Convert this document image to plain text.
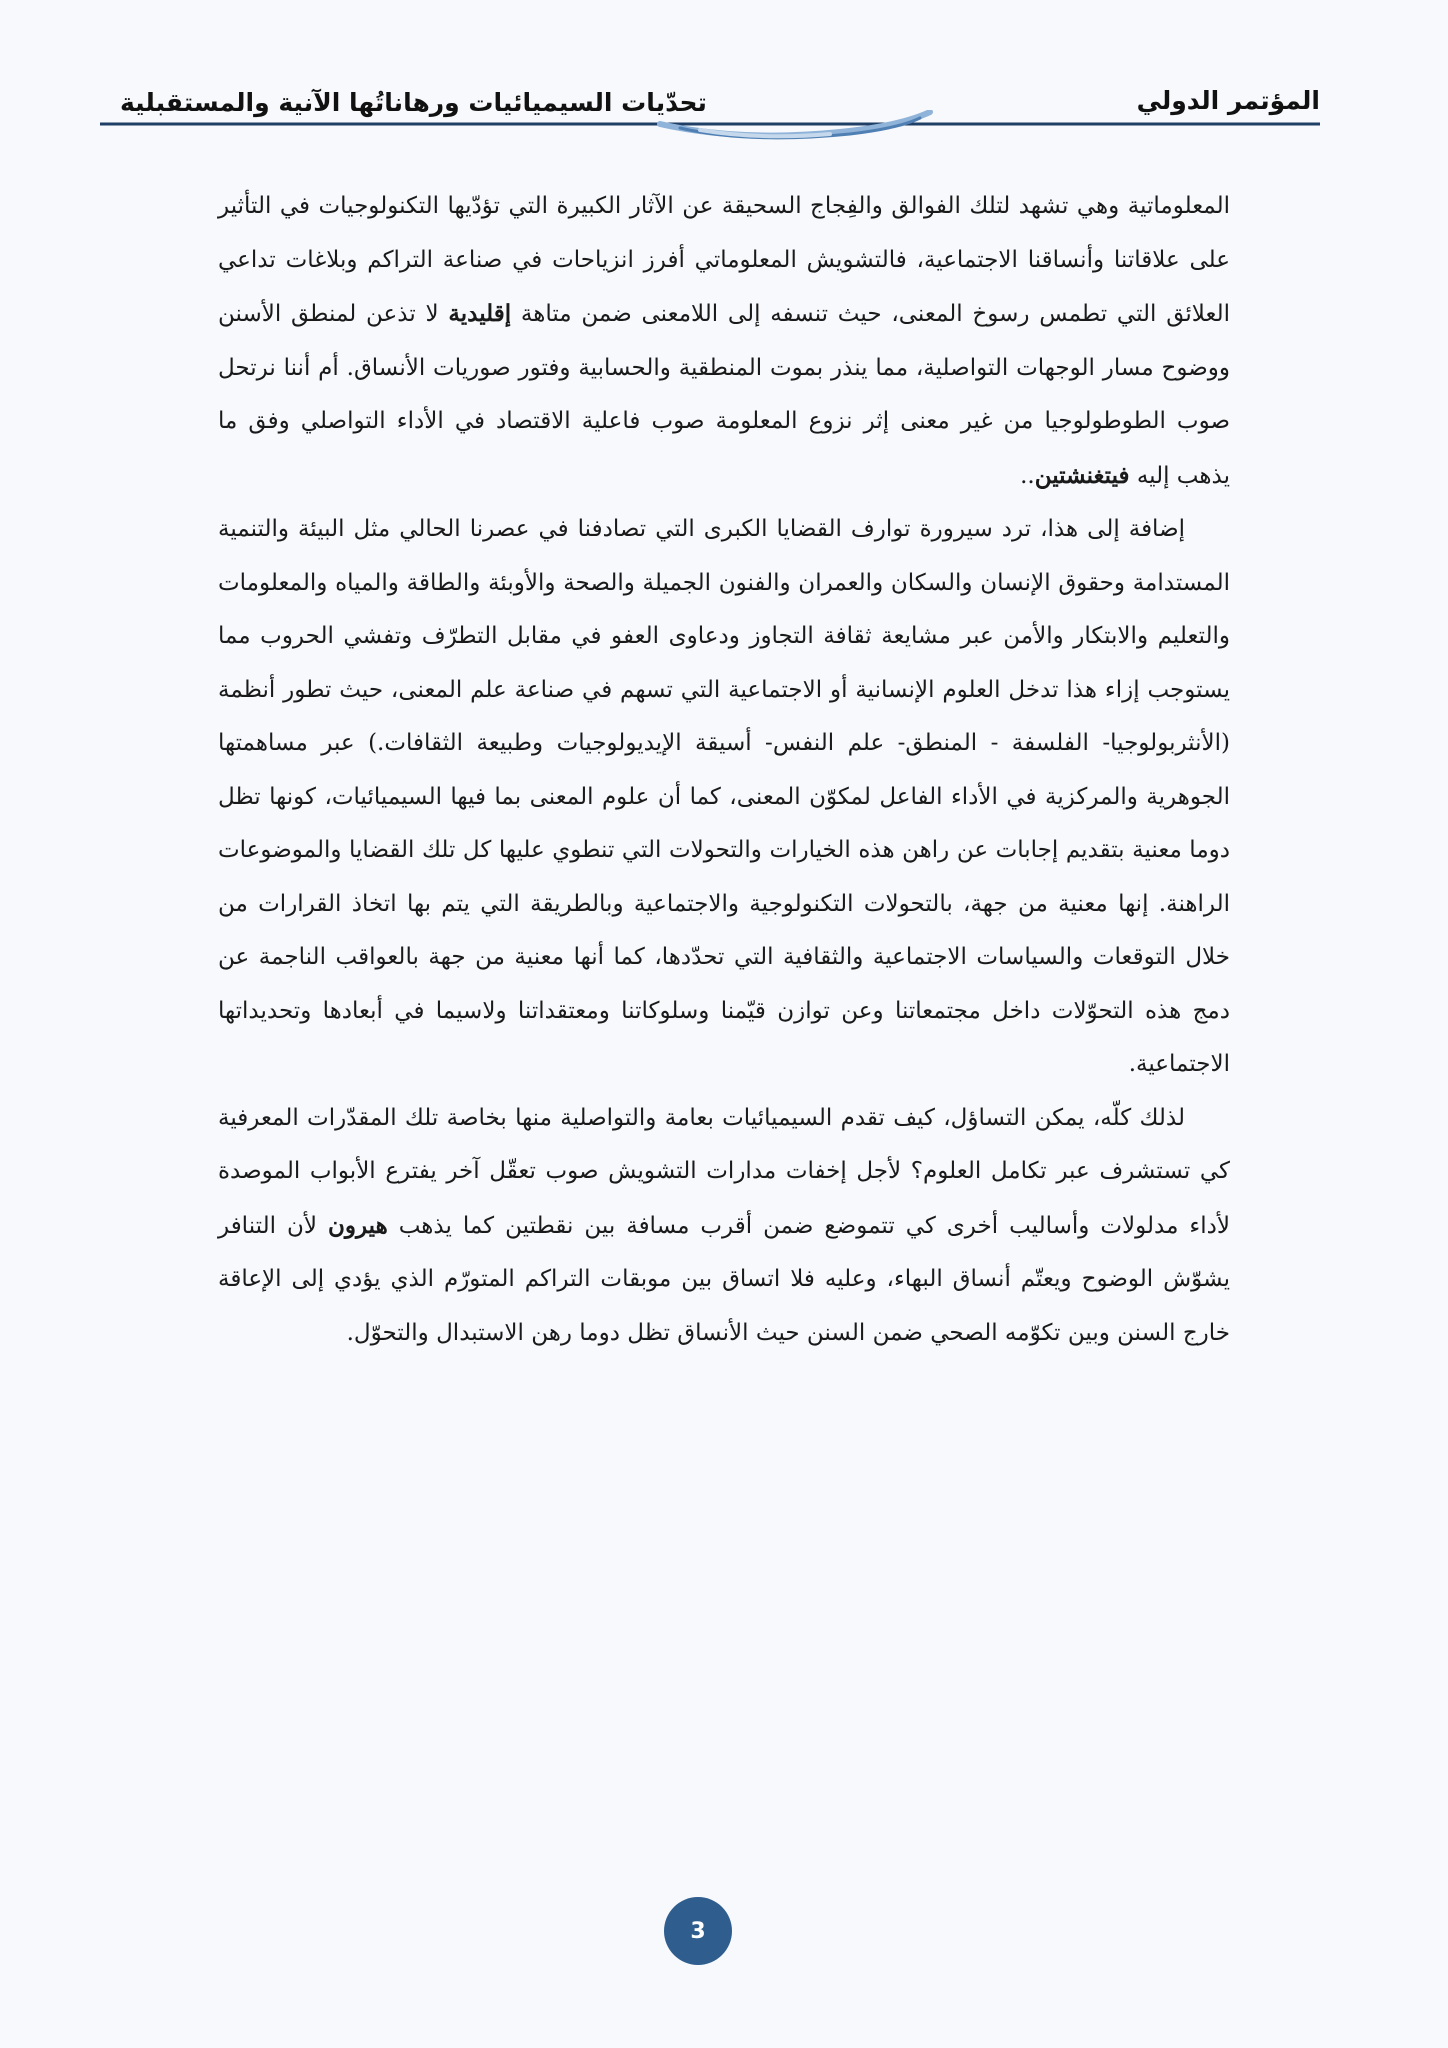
المؤتمر الدولي
تحدّيات السيميائيات ورهاناتُها الآنية والمستقبلية

المعلوماتية وهي تشهد لتلك الفوالق والفِجاج السحيقة عن الآثار الكبيرة التي تؤدّيها التكنولوجيات في التأثير على علاقاتنا وأنساقنا الاجتماعية، فالتشويش المعلوماتي أفرز انزياحات في صناعة التراكم وبلاغات تداعي العلائق التي تطمس رسوخ المعنى، حيث تنسفه إلى اللامعنى ضمن متاهة إقليدية لا تذعن لمنطق الأسنن ووضوح مسار الوجهات التواصلية، مما ينذر بموت المنطقية والحسابية وفتور صوريات الأنساق. أم أننا نرتحل صوب الطوطولوجيا من غير معنى إثر نزوع المعلومة صوب فاعلية الاقتصاد في الأداء التواصلي وفق ما يذهب إليه فيتغنشتين..

إضافة إلى هذا، ترد سيرورة توارف القضايا الكبرى التي تصادفنا في عصرنا الحالي مثل البيئة والتنمية المستدامة وحقوق الإنسان والسكان والعمران والفنون الجميلة والصحة والأوبئة والطاقة والمياه والمعلومات والتعليم والابتكار والأمن عبر مشايعة ثقافة التجاوز ودعاوى العفو في مقابل التطرّف وتفشي الحروب مما يستوجب إزاء هذا تدخل العلوم الإنسانية أو الاجتماعية التي تسهم في صناعة علم المعنى، حيث تطور أنظمة (الأنثربولوجيا- الفلسفة - المنطق- علم النفس- أسيقة الإيديولوجيات وطبيعة الثقافات.) عبر مساهمتها الجوهرية والمركزية في الأداء الفاعل لمكوّن المعنى، كما أن علوم المعنى بما فيها السيميائيات، كونها تظل دوما معنية بتقديم إجابات عن راهن هذه الخيارات والتحولات التي تنطوي عليها كل تلك القضايا والموضوعات الراهنة. إنها معنية من جهة، بالتحولات التكنولوجية والاجتماعية وبالطريقة التي يتم بها اتخاذ القرارات من خلال التوقعات والسياسات الاجتماعية والثقافية التي تحدّدها، كما أنها معنية من جهة بالعواقب الناجمة عن دمج هذه التحوّلات داخل مجتمعاتنا وعن توازن قيّمنا وسلوكاتنا ومعتقداتنا ولاسيما في أبعادها وتحديداتها الاجتماعية.

لذلك كلّه، يمكن التساؤل، كيف تقدم السيميائيات بعامة والتواصلية منها بخاصة تلك المقدّرات المعرفية كي تستشرف عبر تكامل العلوم؟ لأجل إخفات مدارات التشويش صوب تعقّل آخر يفترع الأبواب الموصدة لأداء مدلولات وأساليب أخرى كي تتموضع ضمن أقرب مسافة بين نقطتين كما يذهب هيرون لأن التنافر يشوّش الوضوح ويعتّم أنساق البهاء، وعليه فلا اتساق بين موبقات التراكم المتورّم الذي يؤدي إلى الإعاقة خارج السنن وبين تكوّمه الصحي ضمن السنن حيث الأنساق تظل دوما رهن الاستبدال والتحوّل.

3
